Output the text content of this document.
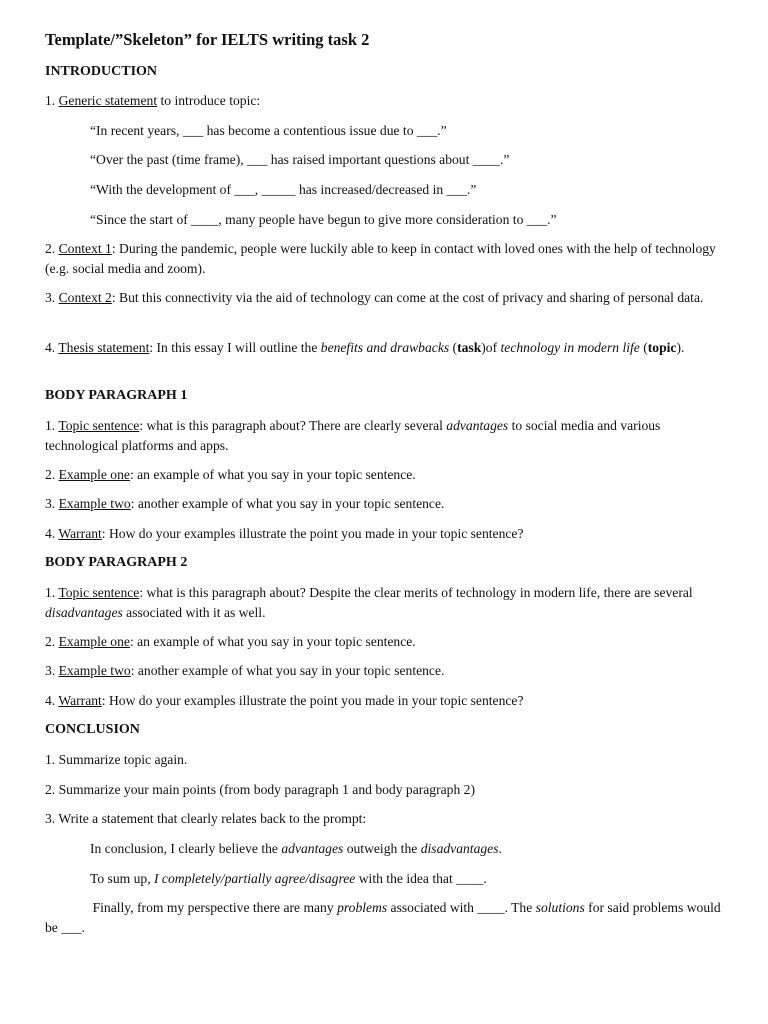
Template/”Skeleton” for IELTS writing task 2
INTRODUCTION
1. Generic statement to introduce topic:
“In recent years, ___ has become a contentious issue due to ___.”
“Over the past (time frame), ___ has raised important questions about ____.”
“With the development of ___, _____ has increased/decreased in ___.”
“Since the start of ____, many people have begun to give more consideration to ___.”
2. Context 1: During the pandemic, people were luckily able to keep in contact with loved ones with the help of technology (e.g. social media and zoom).
3. Context 2: But this connectivity via the aid of technology can come at the cost of privacy and sharing of personal data.
4. Thesis statement: In this essay I will outline the benefits and drawbacks (task)of technology in modern life (topic).
BODY PARAGRAPH 1
1. Topic sentence: what is this paragraph about? There are clearly several advantages to social media and various technological platforms and apps.
2. Example one: an example of what you say in your topic sentence.
3. Example two: another example of what you say in your topic sentence.
4. Warrant: How do your examples illustrate the point you made in your topic sentence?
BODY PARAGRAPH 2
1. Topic sentence: what is this paragraph about? Despite the clear merits of technology in modern life, there are several disadvantages associated with it as well.
2. Example one: an example of what you say in your topic sentence.
3. Example two: another example of what you say in your topic sentence.
4. Warrant: How do your examples illustrate the point you made in your topic sentence?
CONCLUSION
1. Summarize topic again.
2. Summarize your main points (from body paragraph 1 and body paragraph 2)
3. Write a statement that clearly relates back to the prompt:
In conclusion, I clearly believe the advantages outweigh the disadvantages.
To sum up, I completely/partially agree/disagree with the idea that ____.
Finally, from my perspective there are many problems associated with ____. The solutions for said problems would be ___.
